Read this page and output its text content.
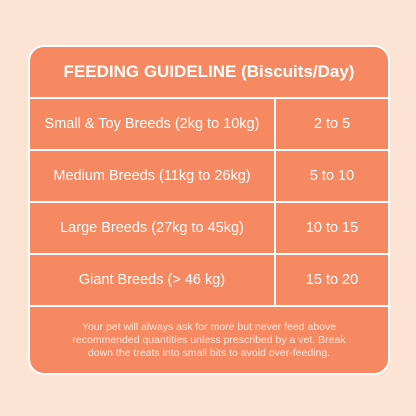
FEEDING GUIDELINE (Biscuits/Day)
Small & Toy Breeds (2kg to 10kg)	2 to 5
Medium Breeds (11kg to 26kg)	5 to 10
Large Breeds (27kg to 45kg)	10 to 15
Giant Breeds (> 46 kg)	15 to 20
Your pet will always ask for more but never feed above recommended quantities unless prescribed by a vet. Break down the treats into small bits to avoid over-feeding.
